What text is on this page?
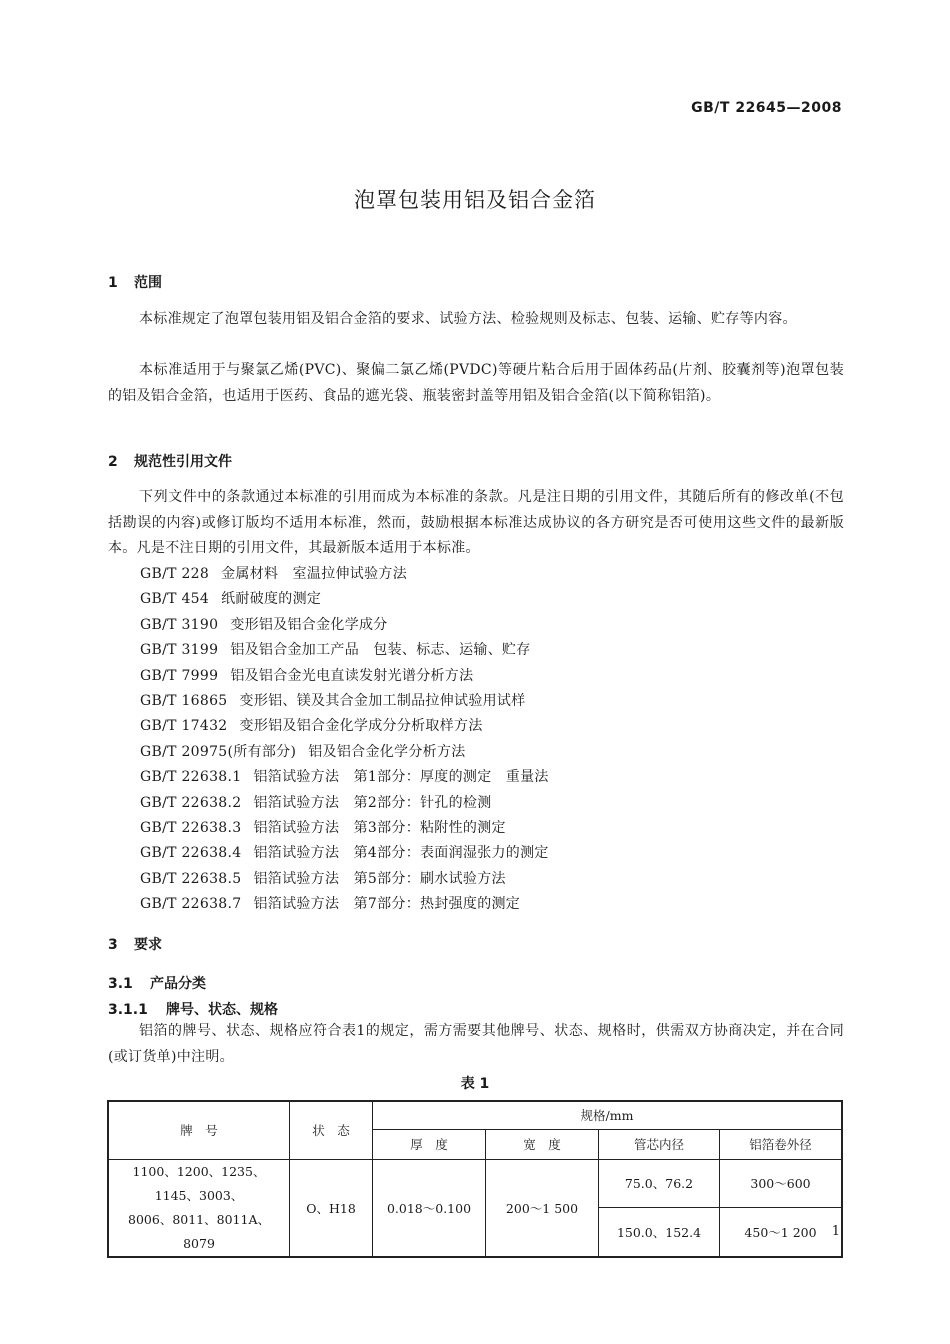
GB/T 22645—2008
泡罩包装用铝及铝合金箔
1 范围

本标准规定了泡罩包装用铝及铝合金箔的要求、试验方法、检验规则及标志、包装、运输、贮存等内容。

本标准适用于与聚氯乙烯(PVC)、聚偏二氯乙烯(PVDC)等硬片粘合后用于固体药品(片剂、胶囊剂等)泡罩包装的铝及铝合金箔，也适用于医药、食品的遮光袋、瓶装密封盖等用铝及铝合金箔(以下简称铝箔)。

2 规范性引用文件

下列文件中的条款通过本标准的引用而成为本标准的条款。凡是注日期的引用文件，其随后所有的修改单(不包括勘误的内容)或修订版均不适用本标准，然而，鼓励根据本标准达成协议的各方研究是否可使用这些文件的最新版本。凡是不注日期的引用文件，其最新版本适用于本标准。

GB/T 228 金属材料　室温拉伸试验方法
GB/T 454 纸耐破度的测定
GB/T 3190 变形铝及铝合金化学成分
GB/T 3199 铝及铝合金加工产品　包装、标志、运输、贮存
GB/T 7999 铝及铝合金光电直读发射光谱分析方法
GB/T 16865 变形铝、镁及其合金加工制品拉伸试验用试样
GB/T 17432 变形铝及铝合金化学成分分析取样方法
GB/T 20975(所有部分) 铝及铝合金化学分析方法
GB/T 22638.1 铝箔试验方法　第1部分：厚度的测定　重量法
GB/T 22638.2 铝箔试验方法　第2部分：针孔的检测
GB/T 22638.3 铝箔试验方法　第3部分：粘附性的测定
GB/T 22638.4 铝箔试验方法　第4部分：表面润湿张力的测定
GB/T 22638.5 铝箔试验方法　第5部分：刷水试验方法
GB/T 22638.7 铝箔试验方法　第7部分：热封强度的测定
3 要求
3.1 产品分类
3.1.1 牌号、状态、规格

铝箔的牌号、状态、规格应符合表1的规定，需方需要其他牌号、状态、规格时，供需双方协商决定，并在合同(或订货单)中注明。

表 1
牌　号	状　态	规格/mm			
		厚　度	宽　度	管芯内径	铝箔卷外径

1100、1200、1235、1145、3003、
8006、8011、8011A、8079	O、H18	0.018～0.100	200～1 500	75.0、76.2	300～600
				150.0、152.4	450～1 200 1
